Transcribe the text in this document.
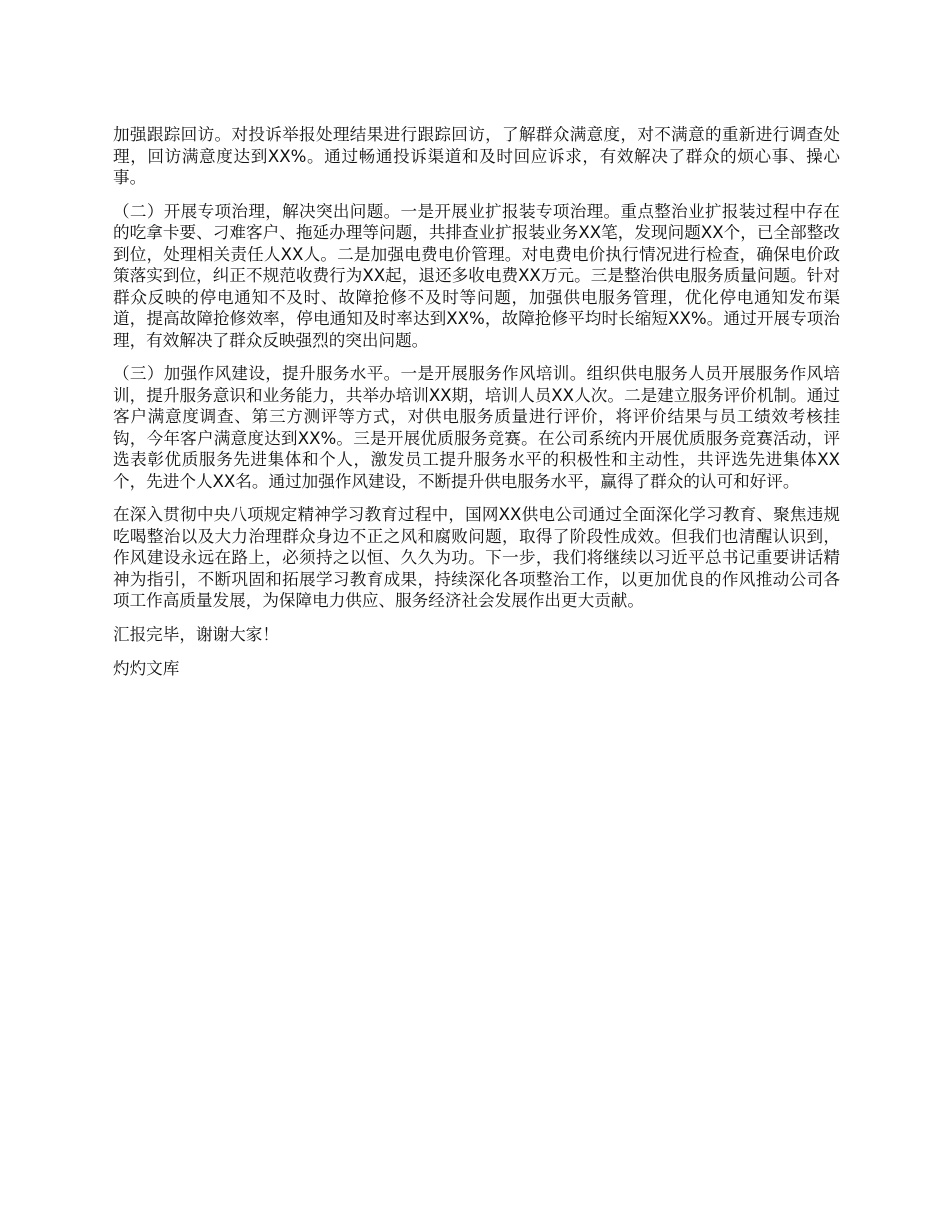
加强跟踪回访。对投诉举报处理结果进行跟踪回访，了解群众满意度，对不满意的重新进行调查处理，回访满意度达到XX%。通过畅通投诉渠道和及时回应诉求，有效解决了群众的烦心事、操心事。

（二）开展专项治理，解决突出问题。一是开展业扩报装专项治理。重点整治业扩报装过程中存在的吃拿卡要、刁难客户、拖延办理等问题，共排查业扩报装业务XX笔，发现问题XX个，已全部整改到位，处理相关责任人XX人。二是加强电费电价管理。对电费电价执行情况进行检查，确保电价政策落实到位，纠正不规范收费行为XX起，退还多收电费XX万元。三是整治供电服务质量问题。针对群众反映的停电通知不及时、故障抢修不及时等问题，加强供电服务管理，优化停电通知发布渠道，提高故障抢修效率，停电通知及时率达到XX%，故障抢修平均时长缩短XX%。通过开展专项治理，有效解决了群众反映强烈的突出问题。

（三）加强作风建设，提升服务水平。一是开展服务作风培训。组织供电服务人员开展服务作风培训，提升服务意识和业务能力，共举办培训XX期，培训人员XX人次。二是建立服务评价机制。通过客户满意度调查、第三方测评等方式，对供电服务质量进行评价，将评价结果与员工绩效考核挂钩，今年客户满意度达到XX%。三是开展优质服务竞赛。在公司系统内开展优质服务竞赛活动，评选表彰优质服务先进集体和个人，激发员工提升服务水平的积极性和主动性，共评选先进集体XX个，先进个人XX名。通过加强作风建设，不断提升供电服务水平，赢得了群众的认可和好评。

在深入贯彻中央八项规定精神学习教育过程中，国网XX供电公司通过全面深化学习教育、聚焦违规吃喝整治以及大力治理群众身边不正之风和腐败问题，取得了阶段性成效。但我们也清醒认识到，作风建设永远在路上，必须持之以恒、久久为功。下一步，我们将继续以习近平总书记重要讲话精神为指引，不断巩固和拓展学习教育成果，持续深化各项整治工作，以更加优良的作风推动公司各项工作高质量发展，为保障电力供应、服务经济社会发展作出更大贡献。

汇报完毕，谢谢大家！

灼灼文库
